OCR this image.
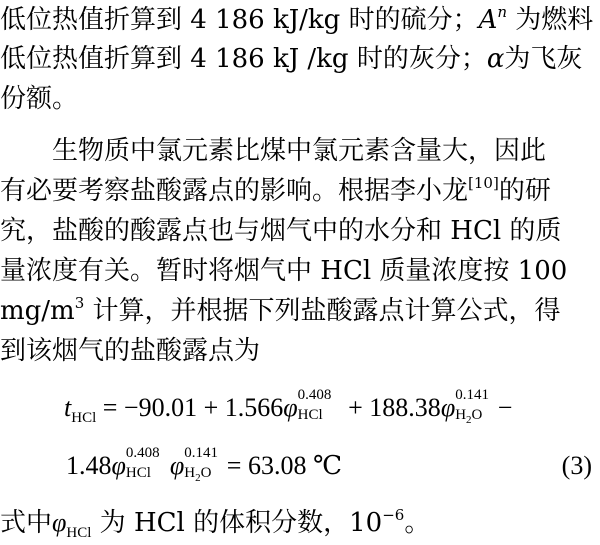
低位热值折算到 4 186 kJ/kg 时的硫分；$A^n$ 为燃料
低位热值折算到 4 186 kJ /kg 时的灰分；α为飞灰
份额。
生物质中氯元素比煤中氯元素含量大，因此
有必要考察盐酸露点的影响。根据李小龙[10]的研
究，盐酸的酸露点也与烟气中的水分和 HCl 的质
量浓度有关。暂时将烟气中 HCl 质量浓度按 100
$mg/m^3$ 计算，并根据下列盐酸露点计算公式，得
到该烟气的盐酸露点为
$t_{HCl} = -90.01 + 1.566\varphi$ 0.408
HCl + 188.38φ 0.141
$H_2O$ −
1.48φ 0.408
HCl φ 0.141
$H_2O = 63.08$ ℃	(3)
式中$\varphi_{HCl}$ 为 HCl 的体积分数，$10^{-6}$。
